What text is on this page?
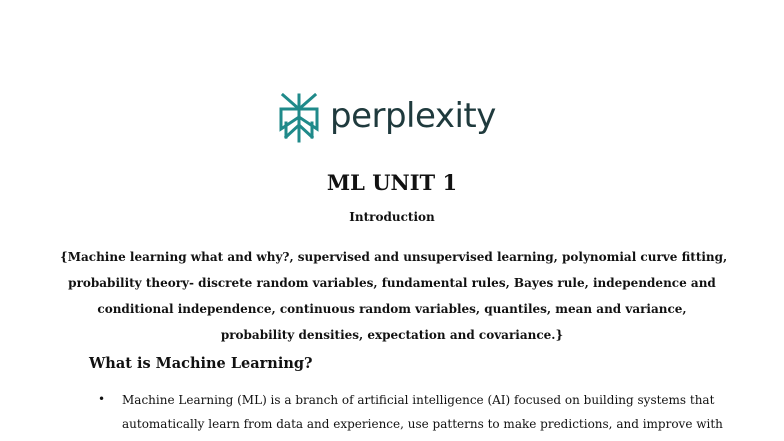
perplexity
ML UNIT 1
Introduction
{Machine learning what and why?, supervised and unsupervised learning, polynomial curve fitting,
probability theory- discrete random variables, fundamental rules, Bayes rule, independence and
conditional independence, continuous random variables, quantiles, mean and variance,
probability densities, expectation and covariance.}
What is Machine Learning?
• Machine Learning (ML) is a branch of artificial intelligence (AI) focused on building systems that
automatically learn from data and experience, use patterns to make predictions, and improve with
